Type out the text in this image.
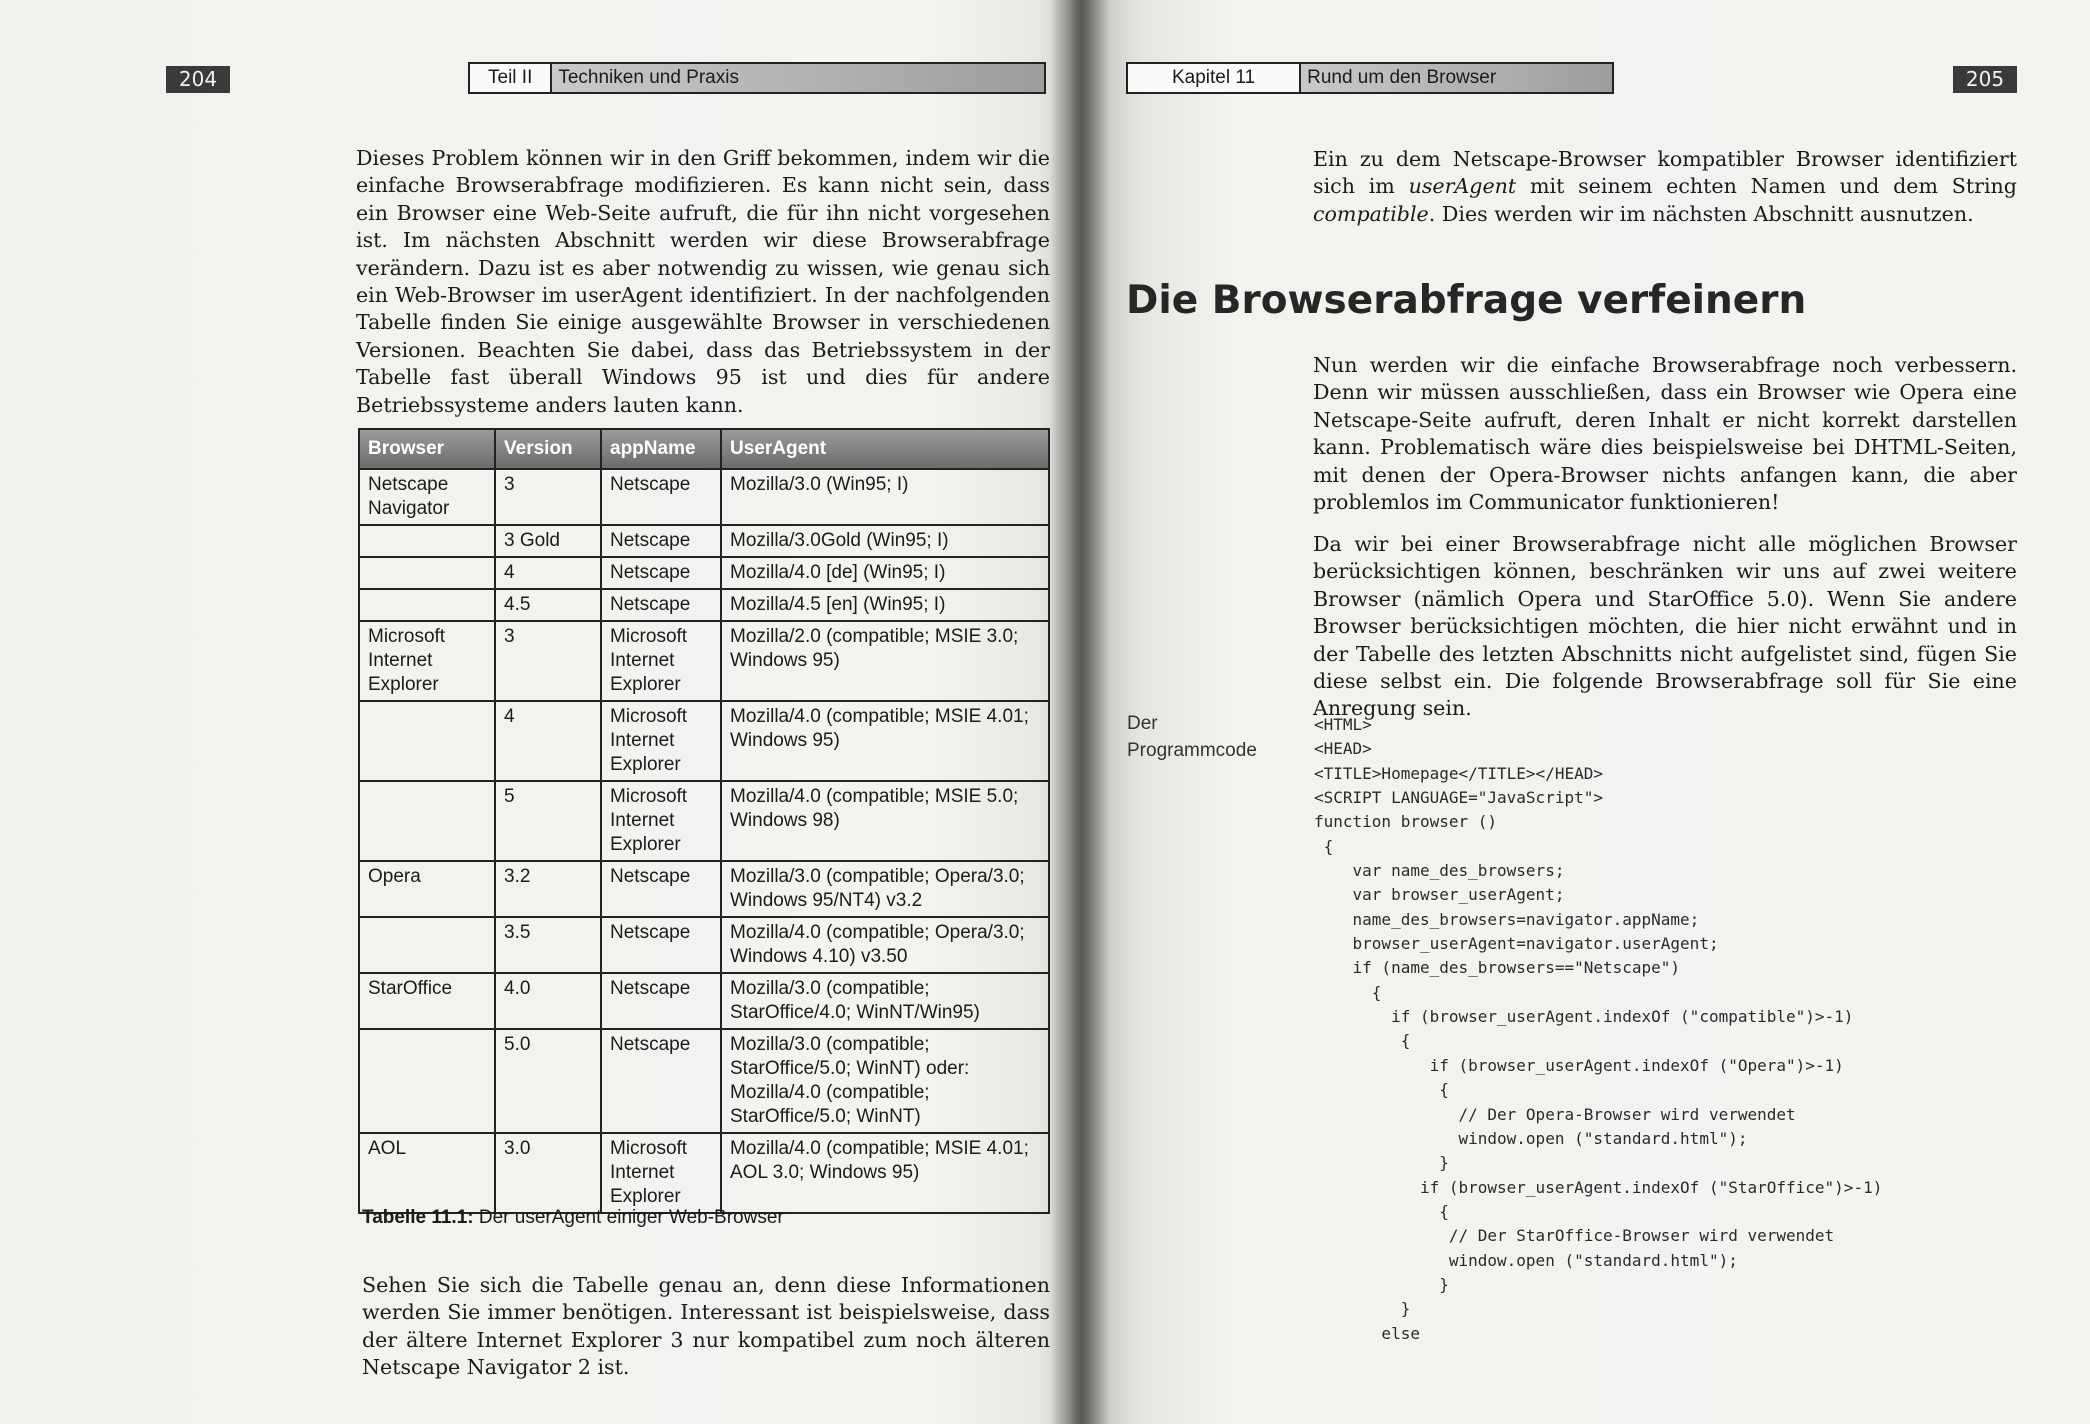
204	Teil II	Techniken und Praxis

Dieses Problem können wir in den Griff bekommen, indem wir die einfache Browserabfrage modifizieren. Es kann nicht sein, dass ein Browser eine Web-Seite aufruft, die für ihn nicht vorgesehen ist. Im nächsten Abschnitt werden wir diese Browserabfrage verändern. Dazu ist es aber notwendig zu wissen, wie genau sich ein Web-Browser im userAgent identifiziert. In der nachfolgenden Tabelle finden Sie einige ausgewählte Browser in verschiedenen Versionen. Beachten Sie dabei, dass das Betriebssystem in der Tabelle fast überall Windows 95 ist und dies für andere Betriebssysteme anders lauten kann.

Browser	Version	appName	UserAgent
Netscape Navigator	3	Netscape	Mozilla/3.0 (Win95; I)
	3 Gold	Netscape	Mozilla/3.0Gold (Win95; I)
	4	Netscape	Mozilla/4.0 [de] (Win95; I)
	4.5	Netscape	Mozilla/4.5 [en] (Win95; I)
Microsoft Internet Explorer	3	Microsoft Internet Explorer	Mozilla/2.0 (compatible; MSIE 3.0; Windows 95)
	4	Microsoft Internet Explorer	Mozilla/4.0 (compatible; MSIE 4.01; Windows 95)
	5	Microsoft Internet Explorer	Mozilla/4.0 (compatible; MSIE 5.0; Windows 98)
Opera	3.2	Netscape	Mozilla/3.0 (compatible; Opera/3.0; Windows 95/NT4) v3.2
	3.5	Netscape	Mozilla/4.0 (compatible; Opera/3.0; Windows 4.10) v3.50
StarOffice	4.0	Netscape	Mozilla/3.0 (compatible; StarOffice/4.0; WinNT/Win95)
	5.0	Netscape	Mozilla/3.0 (compatible; StarOffice/5.0; WinNT) oder: Mozilla/4.0 (compatible; StarOffice/5.0; WinNT)
AOL	3.0	Microsoft Internet Explorer	Mozilla/4.0 (compatible; MSIE 4.01; AOL 3.0; Windows 95)
Tabelle 11.1: Der userAgent einiger Web-Browser

Sehen Sie sich die Tabelle genau an, denn diese Informationen werden Sie immer benötigen. Interessant ist beispielsweise, dass der ältere Internet Explorer 3 nur kompatibel zum noch älteren Netscape Navigator 2 ist.

Kapitel 11	Rund um den Browser	205

Ein zu dem Netscape-Browser kompatibler Browser identifiziert sich im userAgent mit seinem echten Namen und dem String compatible. Dies werden wir im nächsten Abschnitt ausnutzen.

Die Browserabfrage verfeinern

Nun werden wir die einfache Browserabfrage noch verbessern. Denn wir müssen ausschließen, dass ein Browser wie Opera eine Netscape-Seite aufruft, deren Inhalt er nicht korrekt darstellen kann. Problematisch wäre dies beispielsweise bei DHTML-Seiten, mit denen der Opera-Browser nichts anfangen kann, die aber problemlos im Communicator funktionieren!

Da wir bei einer Browserabfrage nicht alle möglichen Browser berücksichtigen können, beschränken wir uns auf zwei weitere Browser (nämlich Opera und StarOffice 5.0). Wenn Sie andere Browser berücksichtigen möchten, die hier nicht erwähnt und in der Tabelle des letzten Abschnitts nicht aufgelistet sind, fügen Sie diese selbst ein. Die folgende Browserabfrage soll für Sie eine Anregung sein.

Der Programmcode
<HTML>
<HEAD>
<TITLE>Homepage</TITLE></HEAD>
<SCRIPT LANGUAGE="JavaScript">
function browser ()
{
var name_des_browsers;
var browser_userAgent;
name_des_browsers=navigator.appName;
browser_userAgent=navigator.userAgent;
if (name_des_browsers=="Netscape")
{
if (browser_userAgent.indexOf ("compatible")>-1)
{
if (browser_userAgent.indexOf ("Opera")>-1)
{
// Der Opera-Browser wird verwendet
window.open ("standard.html");
}
if (browser_userAgent.indexOf ("StarOffice")>-1)
{
// Der StarOffice-Browser wird verwendet
window.open ("standard.html");
}
}
else
